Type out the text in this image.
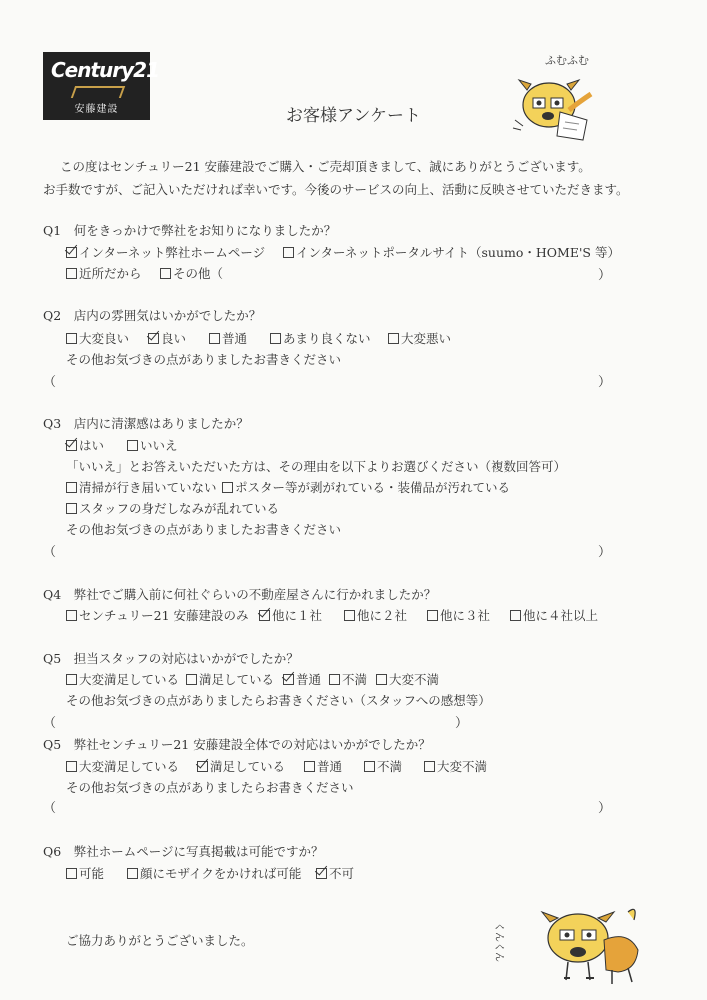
Century21
安藤建設
ふむふむ
お客様アンケート
この度はセンチュリー21 安藤建設でご購入・ご売却頂きまして、誠にありがとうございます。
お手数ですが、ご記入いただければ幸いです。今後のサービスの向上、活動に反映させていただきます。
Q1　何をきっかけで弊社をお知りになりましたか？
インターネット弊社ホームページ	インターネットポータルサイト（suumo・HOME'S 等）
近所だから	その他（	）
Q2　店内の雰囲気はいかがでしたか？
大変良い	良い	普通	あまり良くない	大変悪い
その他お気づきの点がありましたお書きください
（	）
Q3　店内に清潔感はありましたか？
はい	いいえ
「いいえ」とお答えいただいた方は、その理由を以下よりお選びください（複数回答可）
清掃が行き届いていない	ポスター等が剥がれている・装備品が汚れている
スタッフの身だしなみが乱れている
その他お気づきの点がありましたお書きください
（	）
Q4　弊社でご購入前に何社ぐらいの不動産屋さんに行かれましたか？
センチュリー21 安藤建設のみ	他に１社	他に２社	他に３社	他に４社以上
Q5　担当スタッフの対応はいかがでしたか？
大変満足している	満足している	普通	不満	大変不満
その他お気づきの点がありましたらお書きください（スタッフへの感想等）
（	）
Q5　弊社センチュリー21 安藤建設全体での対応はいかがでしたか？
大変満足している	満足している	普通	不満	大変不満
その他お気づきの点がありましたらお書きください
（	）
Q6　弊社ホームページに写真掲載は可能ですか？
可能	顔にモザイクをかければ可能	不可
ご協力ありがとうございました。	くんくん
